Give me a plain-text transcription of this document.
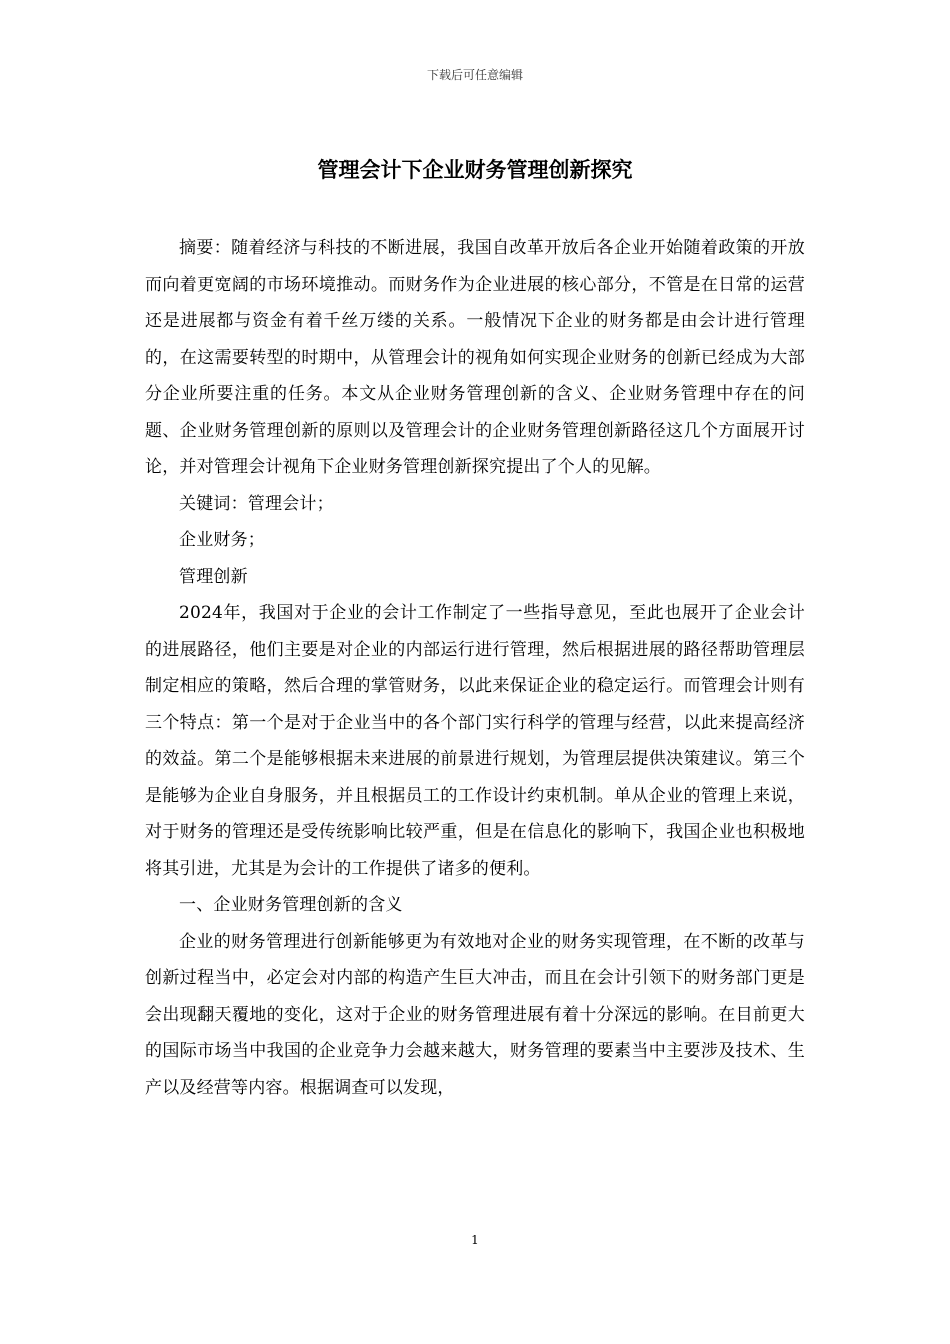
下载后可任意编辑
管理会计下企业财务管理创新探究

摘要：随着经济与科技的不断进展，我国自改革开放后各企业开始随着政策的开放而向着更宽阔的市场环境推动。而财务作为企业进展的核心部分，不管是在日常的运营还是进展都与资金有着千丝万缕的关系。一般情况下企业的财务都是由会计进行管理的，在这需要转型的时期中，从管理会计的视角如何实现企业财务的创新已经成为大部分企业所要注重的任务。本文从企业财务管理创新的含义、企业财务管理中存在的问题、企业财务管理创新的原则以及管理会计的企业财务管理创新路径这几个方面展开讨论，并对管理会计视角下企业财务管理创新探究提出了个人的见解。

关键词：管理会计；

企业财务；

管理创新

2024年，我国对于企业的会计工作制定了一些指导意见，至此也展开了企业会计的进展路径，他们主要是对企业的内部运行进行管理，然后根据进展的路径帮助管理层制定相应的策略，然后合理的掌管财务，以此来保证企业的稳定运行。而管理会计则有三个特点：第一个是对于企业当中的各个部门实行科学的管理与经营，以此来提高经济的效益。第二个是能够根据未来进展的前景进行规划，为管理层提供决策建议。第三个是能够为企业自身服务，并且根据员工的工作设计约束机制。单从企业的管理上来说，对于财务的管理还是受传统影响比较严重，但是在信息化的影响下，我国企业也积极地将其引进，尤其是为会计的工作提供了诸多的便利。

一、企业财务管理创新的含义

企业的财务管理进行创新能够更为有效地对企业的财务实现管理，在不断的改革与创新过程当中，必定会对内部的构造产生巨大冲击，而且在会计引领下的财务部门更是会出现翻天覆地的变化，这对于企业的财务管理进展有着十分深远的影响。在目前更大的国际市场当中我国的企业竞争力会越来越大，财务管理的要素当中主要涉及技术、生产以及经营等内容。根据调查可以发现，

1
